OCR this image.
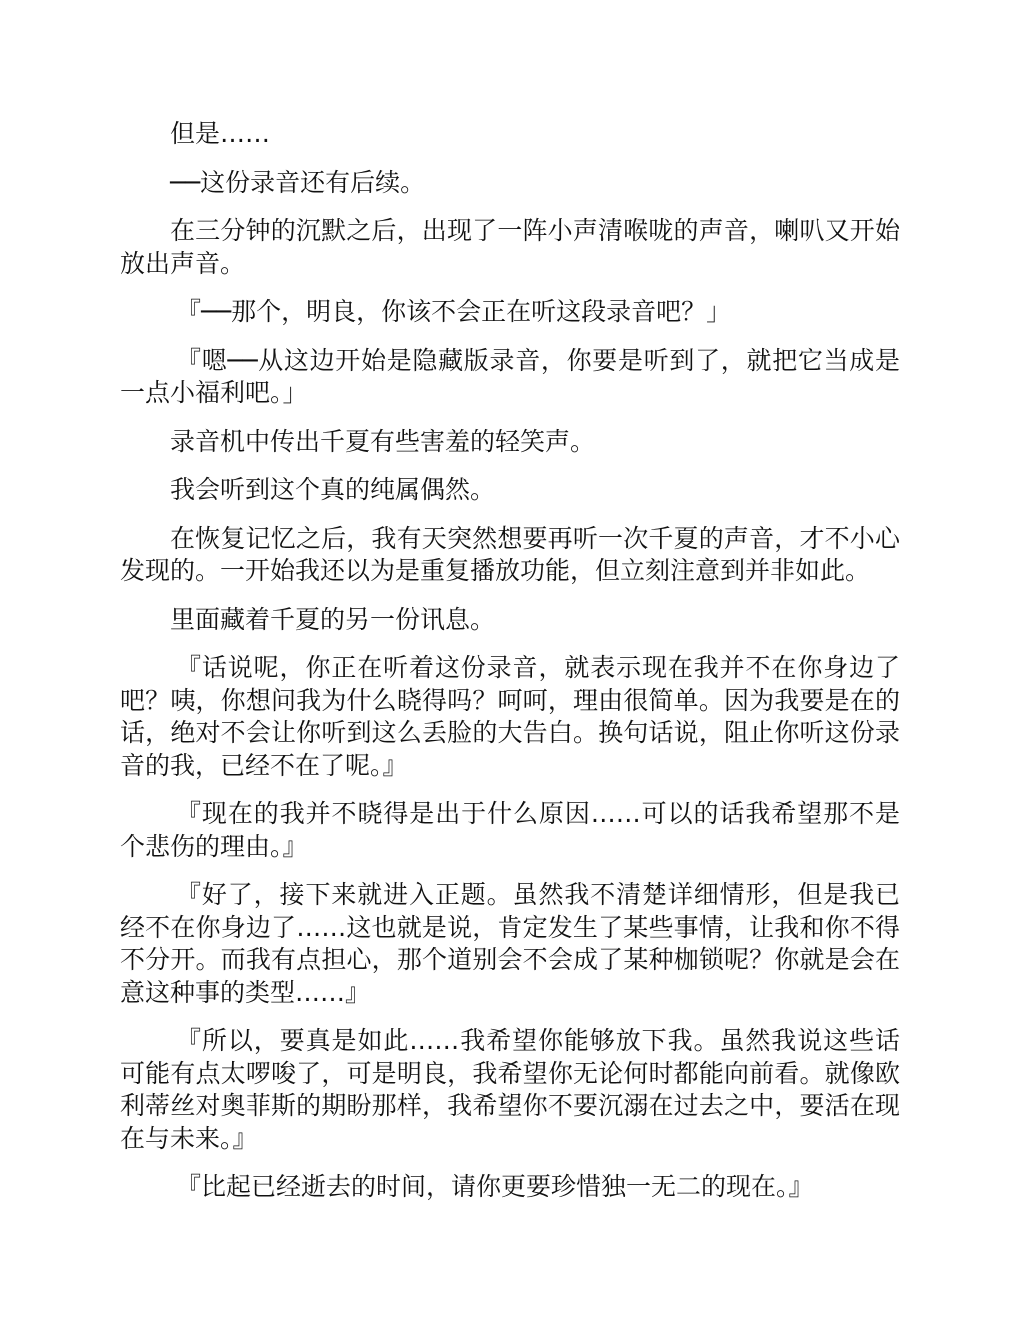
但是……

──这份录音还有后续。

在三分钟的沉默之后，出现了一阵小声清喉咙的声音，喇叭又开始放出声音。

『──那个，明良，你该不会正在听这段录音吧？」

『嗯──从这边开始是隐藏版录音，你要是听到了，就把它当成是一点小福利吧。」

录音机中传出千夏有些害羞的轻笑声。

我会听到这个真的纯属偶然。

在恢复记忆之后，我有天突然想要再听一次千夏的声音，才不小心发现的。一开始我还以为是重复播放功能，但立刻注意到并非如此。

里面藏着千夏的另一份讯息。

『话说呢，你正在听着这份录音，就表示现在我并不在你身边了吧？咦，你想问我为什么晓得吗？呵呵，理由很简单。因为我要是在的话，绝对不会让你听到这么丢脸的大告白。换句话说，阻止你听这份录音的我，已经不在了呢。』

『现在的我并不晓得是出于什么原因……可以的话我希望那不是个悲伤的理由。』

『好了，接下来就进入正题。虽然我不清楚详细情形，但是我已经不在你身边了……这也就是说，肯定发生了某些事情，让我和你不得不分开。而我有点担心，那个道别会不会成了某种枷锁呢？你就是会在意这种事的类型……』

『所以，要真是如此……我希望你能够放下我。虽然我说这些话可能有点太啰唆了，可是明良，我希望你无论何时都能向前看。就像欧利蒂丝对奥菲斯的期盼那样，我希望你不要沉溺在过去之中，要活在现在与未来。』

『比起已经逝去的时间，请你更要珍惜独一无二的现在。』
